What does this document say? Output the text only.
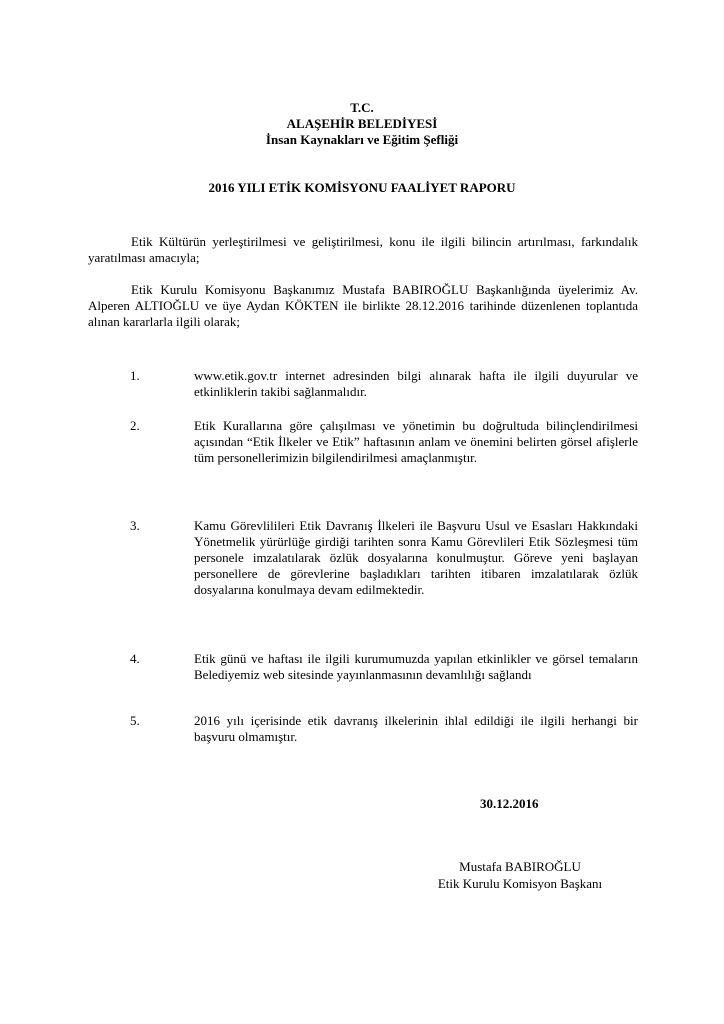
T.C.
ALAŞEHİR BELEDİYESİ
İnsan Kaynakları ve Eğitim Şefliği
2016 YILI ETİK KOMİSYONU FAALİYET RAPORU
Etik Kültürün yerleştirilmesi ve geliştirilmesi, konu ile ilgili bilincin artırılması, farkındalık yaratılması amacıyla;
Etik Kurulu Komisyonu Başkanımız Mustafa BABIROĞLU Başkanlığında üyelerimiz Av. Alperen ALTIOĞLU ve üye Aydan KÖKTEN ile birlikte 28.12.2016 tarihinde düzenlenen toplantıda alınan kararlarla ilgili olarak;
1.	www.etik.gov.tr internet adresinden bilgi alınarak hafta ile ilgili duyurular ve etkinliklerin takibi sağlanmalıdır.
2.	Etik Kurallarına göre çalışılması ve yönetimin bu doğrultuda bilinçlendirilmesi açısından “Etik İlkeler ve Etik” haftasının anlam ve önemini belirten görsel afişlerle tüm personellerimizin bilgilendirilmesi amaçlanmıştır.
3.	Kamu Görevlilileri Etik Davranış İlkeleri ile Başvuru Usul ve Esasları Hakkındaki Yönetmelik yürürlüğe girdiği tarihten sonra Kamu Görevlileri Etik Sözleşmesi tüm personele imzalatılarak özlük dosyalarına konulmuştur. Göreve yeni başlayan personellere de görevlerine başladıkları tarihten itibaren imzalatılarak özlük dosyalarına konulmaya devam edilmektedir.
4.	Etik günü ve haftası ile ilgili kurumumuzda yapılan etkinlikler ve görsel temaların Belediyemiz web sitesinde yayınlanmasının devamlılığı sağlandı
5.	2016 yılı içerisinde etik davranış ilkelerinin ihlal edildiği ile ilgili herhangi bir başvuru olmamıştır.
30.12.2016
Mustafa BABIROĞLU
Etik Kurulu Komisyon Başkanı
